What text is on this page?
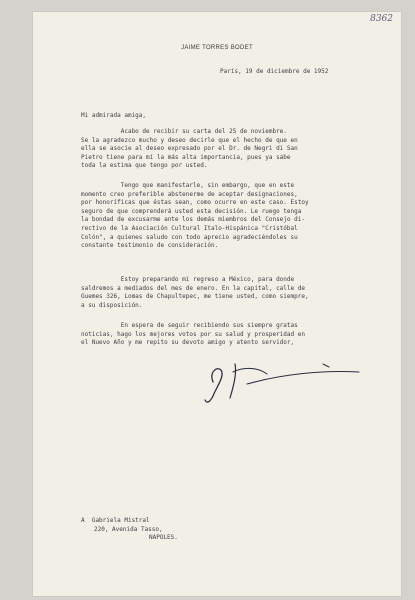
8362
JAIME TORRES BODET
París, 19 de diciembre de 1952
Mi admirada amiga,
Acabo de recibir su carta del 25 de noviembre.
Se la agradezco mucho y deseo decirle que el hecho de que en
ella se asocie al deseo expresado por el Dr. de Negri di San
Pietro tiene para mí la más alta importancia, pues ya sabe
toda la estima que tengo por usted.
Tengo que manifestarle, sin embargo, que en este
momento creo preferible abstenerme de aceptar designaciones,
por honoríficas que éstas sean, como ocurre en este caso. Estoy
seguro de que comprenderá usted esta decisión. Le ruego tenga
la bondad de excusarme ante los demás miembros del Consejo di-
rectivo de la Asociación Cultural Italo-Hispánica "Cristóbal
Colón", a quienes saludo con todo aprecio agradeciéndoles su
constante testimonio de consideración.
Estoy preparando mi regreso a México, para donde
saldremos a mediados del mes de enero. En la capital, calle de
Guemes 326, Lomas de Chapultepec, me tiene usted, como siempre,
a su disposición.
En espera de seguir recibiendo sus siempre gratas
noticias, hago los mejores votos por su salud y prosperidad en
el Nuevo Año y me repito su devoto amigo y atento servidor,
A  Gabriela Mistral
220, Avenida Tasso,
NAPOLES.
